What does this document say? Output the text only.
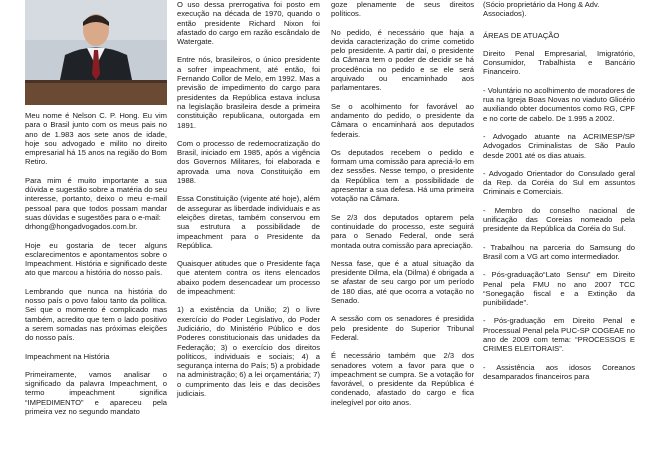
Meu nome é Nelson C. P. Hong. Eu vim para o Brasil junto com os meus pais no ano de 1.983 aos sete anos de idade, hoje sou advogado e milito no direito empresarial há 15 anos na região do Bom Retiro.

Para mim é muito importante a sua dúvida e sugestão sobre a matéria do seu interesse, portanto, deixo o meu e-mail pessoal para que todos possam mandar suas dúvidas e sugestões para o e-mail:

drhong@hongadvogados.com.br.

Hoje eu gostaria de tecer alguns esclarecimentos e apontamentos sobre o Impeachment. História e significado deste ato que marcou a história do nosso país.

Lembrando que nunca na história do nosso país o povo falou tanto da política. Sei que o momento é complicado mas também, acredito que tem o lado positivo a serem somadas nas próximas eleições do nosso país.

Impeachment na História

Primeiramente, vamos analisar o significado da palavra Impeachment, o termo impeachment significa “IMPEDIMENTO” e apareceu pela primeira vez no segundo mandato

O uso dessa prerrogativa foi posto em execução na década de 1970, quando o então presidente Richard Nixon foi afastado do cargo em razão escândalo de Watergate.

Entre nós, brasileiros, o único presidente a sofrer impeachment, até então, foi Fernando Collor de Melo, em 1992. Mas a previsão de impedimento do cargo para presidentes da República estava inclusa na legislação brasileira desde a primeira constituição republicana, outorgada em 1891.

Com o processo de redemocratização do Brasil, iniciado em 1985, após a vigência dos Governos Militares, foi elaborada e aprovada uma nova Constituição em 1988.

Essa Constituição (vigente até hoje), além de assegurar as liberdade individuais e as eleições diretas, também conservou em sua estrutura a possibilidade de impeachment para o Presidente da República.

Quaisquer atitudes que o Presidente faça que atentem contra os itens elencados abaixo podem desencadear um processo de impeachment:

1) a existência da União; 2) o livre exercício do Poder Legislativo, do Poder Judiciário, do Ministério Público e dos Poderes constitucionais das unidades da Federação; 3) o exercício dos direitos políticos, individuais e sociais; 4) a segurança interna do País; 5) a probidade na administração; 6) a lei orçamentária; 7) o cumprimento das leis e das decisões judiciais.

goze plenamente de seus direitos políticos.

No pedido, é necessário que haja a devida caracterização do crime cometido pelo presidente. A partir daí, o presidente da Câmara tem o poder de decidir se há procedência no pedido e se ele será arquivado ou encaminhado aos parlamentares.

Se o acolhimento for favorável ao andamento do pedido, o presidente da Câmara o encaminhará aos deputados federais.

Os deputados recebem o pedido e formam uma comissão para apreciá-lo em dez sessões. Nesse tempo, o presidente da República tem a possibilidade de apresentar a sua defesa. Há uma primeira votação na Câmara.

Se 2/3 dos deputados optarem pela continuidade do processo, este seguirá para o Senado Federal, onde será montada outra comissão para apreciação.

Nessa fase, que é a atual situação da presidente Dilma, ela (Dilma) é obrigada a se afastar de seu cargo por um período de 180 dias, até que ocorra a votação no Senado.

A sessão com os senadores é presidida pelo presidente do Superior Tribunal Federal.

É necessário também que 2/3 dos senadores votem a favor para que o impeachment se cumpra. Se a votação for favorável, o presidente da República é condenado, afastado do cargo e fica inelegível por oito anos.

(Sócio proprietário da Hong & Adv. Associados).

ÁREAS DE ATUAÇÃO

Direito Penal Empresarial, Imigratório, Consumidor, Trabalhista e Bancário Financeiro.

- Voluntário no acolhimento de moradores de rua na Igreja Boas Novas no viaduto Glicério auxiliando obter documentos como RG, CPF e no corte de cabelo. De 1.995 a 2002.

- Advogado atuante na ACRIMESP/SP Advogados Criminalistas de São Paulo desde 2001 até os dias atuais.

- Advogado Orientador do Consulado geral da Rep. da Coréia do Sul em assuntos Criminais e Comerciais.

- Membro do conselho nacional de unificação das Coreias nomeado pela presidente da República da Coréia do Sul.

- Trabalhou na parceria do Samsung do Brasil com a VG art como intermediador.

- Pós-graduação“Lato Sensu” em Direito Penal pela FMU no ano 2007 TCC “Sonegação fiscal e a Extinção da punibilidade”.

- Pós-graduação em Direito Penal e Processual Penal pela PUC-SP COGEAE no ano de 2009 com tema: “PROCESSOS E CRIMES ELEITORAIS”.

- Assistência aos idosos Coreanos desamparados financeiros para
